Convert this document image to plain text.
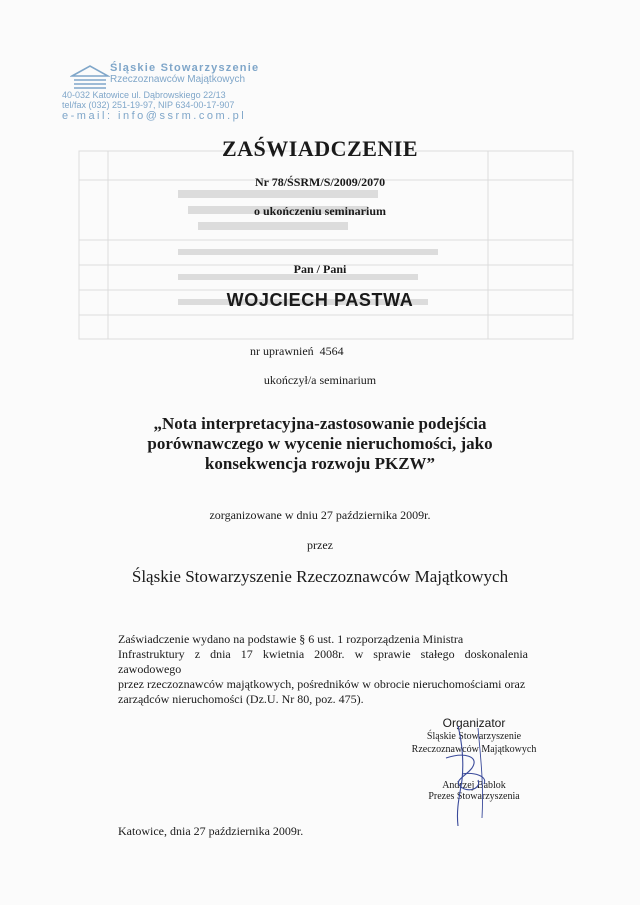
Śląskie Stowarzyszenie
Rzeczoznawców Majątkowych
40-032 Katowice ul. Dąbrowskiego 22/13
tel/fax (032) 251-19-97, NIP 634-00-17-907
e-mail: info@ssrm.com.pl
ZAŚWIADCZENIE
Nr 78/ŚSRM/S/2009/2070
o ukończeniu seminarium
Pan / Pani
WOJCIECH PASTWA
nr uprawnień 4564
ukończył/a seminarium
„Nota interpretacyjna-zastosowanie podejścia
porównawczego w wycenie nieruchomości, jako
konsekwencja rozwoju PKZW”
zorganizowane w dniu 27 października 2009r.
przez
Śląskie Stowarzyszenie Rzeczoznawców Majątkowych
Zaświadczenie wydano na podstawie § 6 ust. 1 rozporządzenia Ministra
Infrastruktury z dnia 17 kwietnia 2008r. w sprawie stałego doskonalenia zawodowego
przez rzeczoznawców majątkowych, pośredników w obrocie nieruchomościami oraz
zarządców nieruchomości (Dz.U. Nr 80, poz. 475).
Organizator
Śląskie Stowarzyszenie
Rzeczoznawców Majątkowych
Andrzej Bablok
Prezes Stowarzyszenia
Katowice, dnia 27 października 2009r.
